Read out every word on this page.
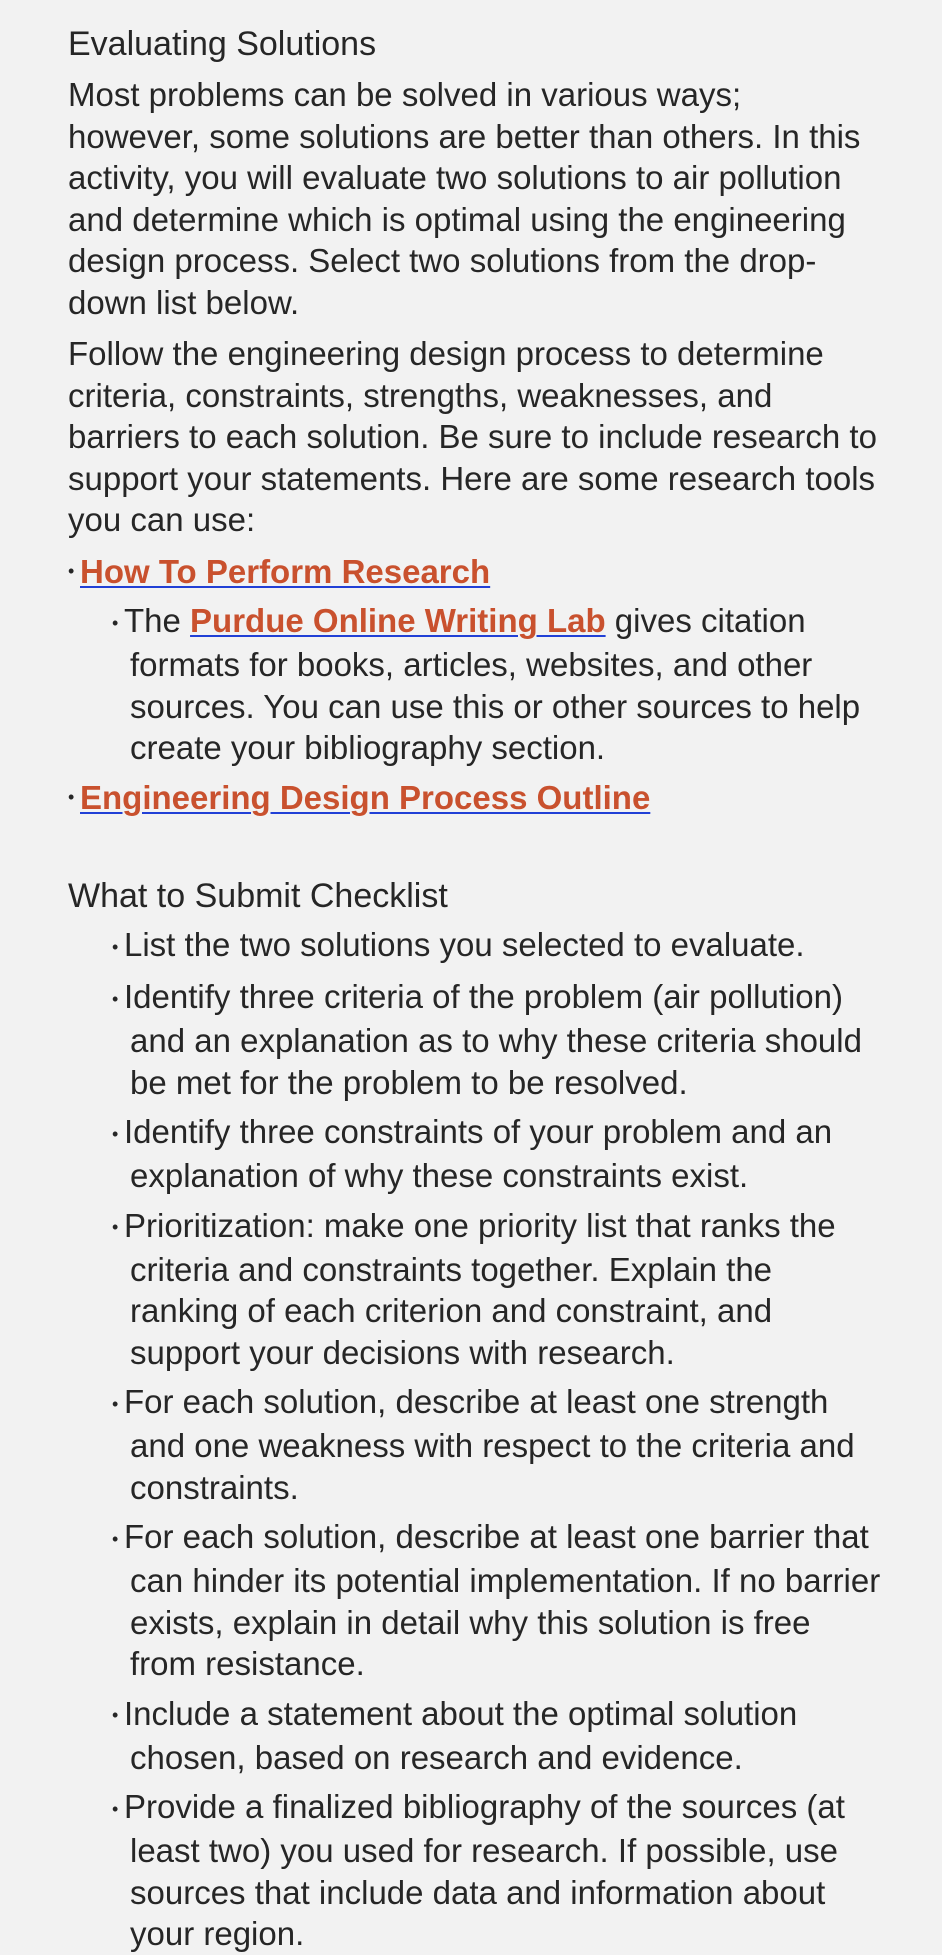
Evaluating Solutions

Most problems can be solved in various ways; however, some solutions are better than others. In this activity, you will evaluate two solutions to air pollution and determine which is optimal using the engineering design process. Select two solutions from the drop-down list below.

Follow the engineering design process to determine criteria, constraints, strengths, weaknesses, and barriers to each solution. Be sure to include research to support your statements. Here are some research tools you can use:

• How To Perform Research
• The Purdue Online Writing Lab gives citation formats for books, articles, websites, and other sources. You can use this or other sources to help create your bibliography section.
• Engineering Design Process Outline
What to Submit Checklist
• List the two solutions you selected to evaluate.
• Identify three criteria of the problem (air pollution) and an explanation as to why these criteria should be met for the problem to be resolved.
• Identify three constraints of your problem and an explanation of why these constraints exist.
• Prioritization: make one priority list that ranks the criteria and constraints together. Explain the ranking of each criterion and constraint, and support your decisions with research.
• For each solution, describe at least one strength and one weakness with respect to the criteria and constraints.
• For each solution, describe at least one barrier that can hinder its potential implementation. If no barrier exists, explain in detail why this solution is free from resistance.
• Include a statement about the optimal solution chosen, based on research and evidence.
• Provide a finalized bibliography of the sources (at least two) you used for research. If possible, use sources that include data and information about your region.
